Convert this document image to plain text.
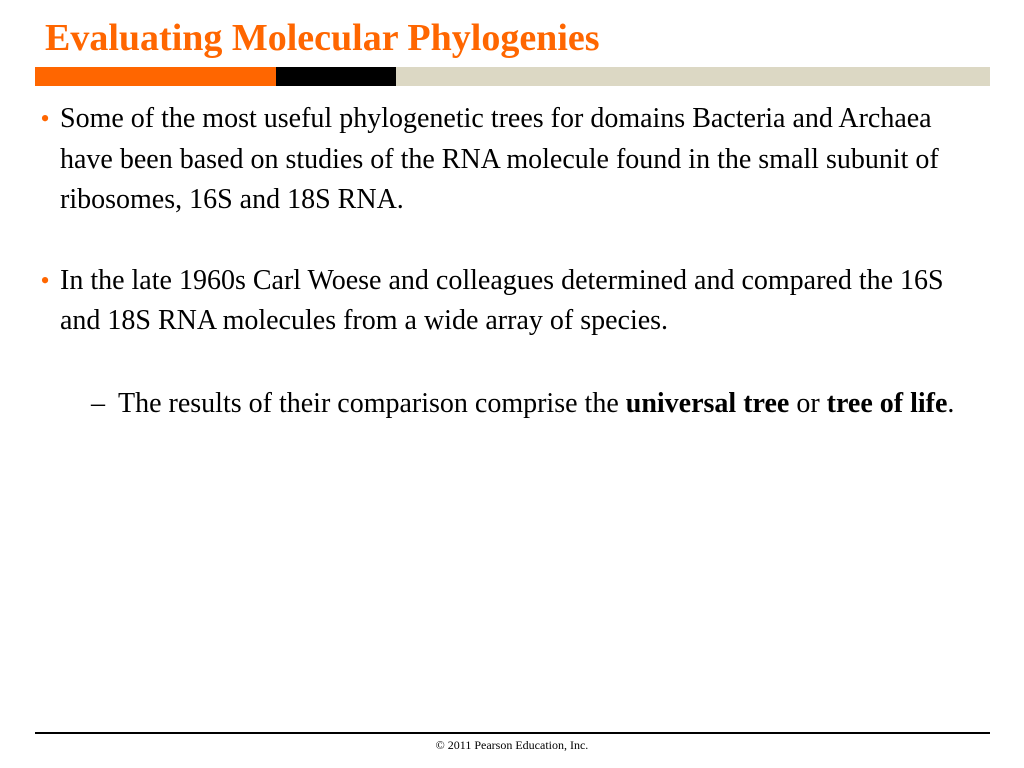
Evaluating Molecular Phylogenies
• Some of the most useful phylogenetic trees for domains Bacteria and Archaea have been based on studies of the RNA molecule found in the small subunit of ribosomes, 16S and 18S RNA.
• In the late 1960s Carl Woese and colleagues determined and compared the 16S and 18S RNA molecules from a wide array of species.
– The results of their comparison comprise the universal tree or tree of life.
© 2011 Pearson Education, Inc.
